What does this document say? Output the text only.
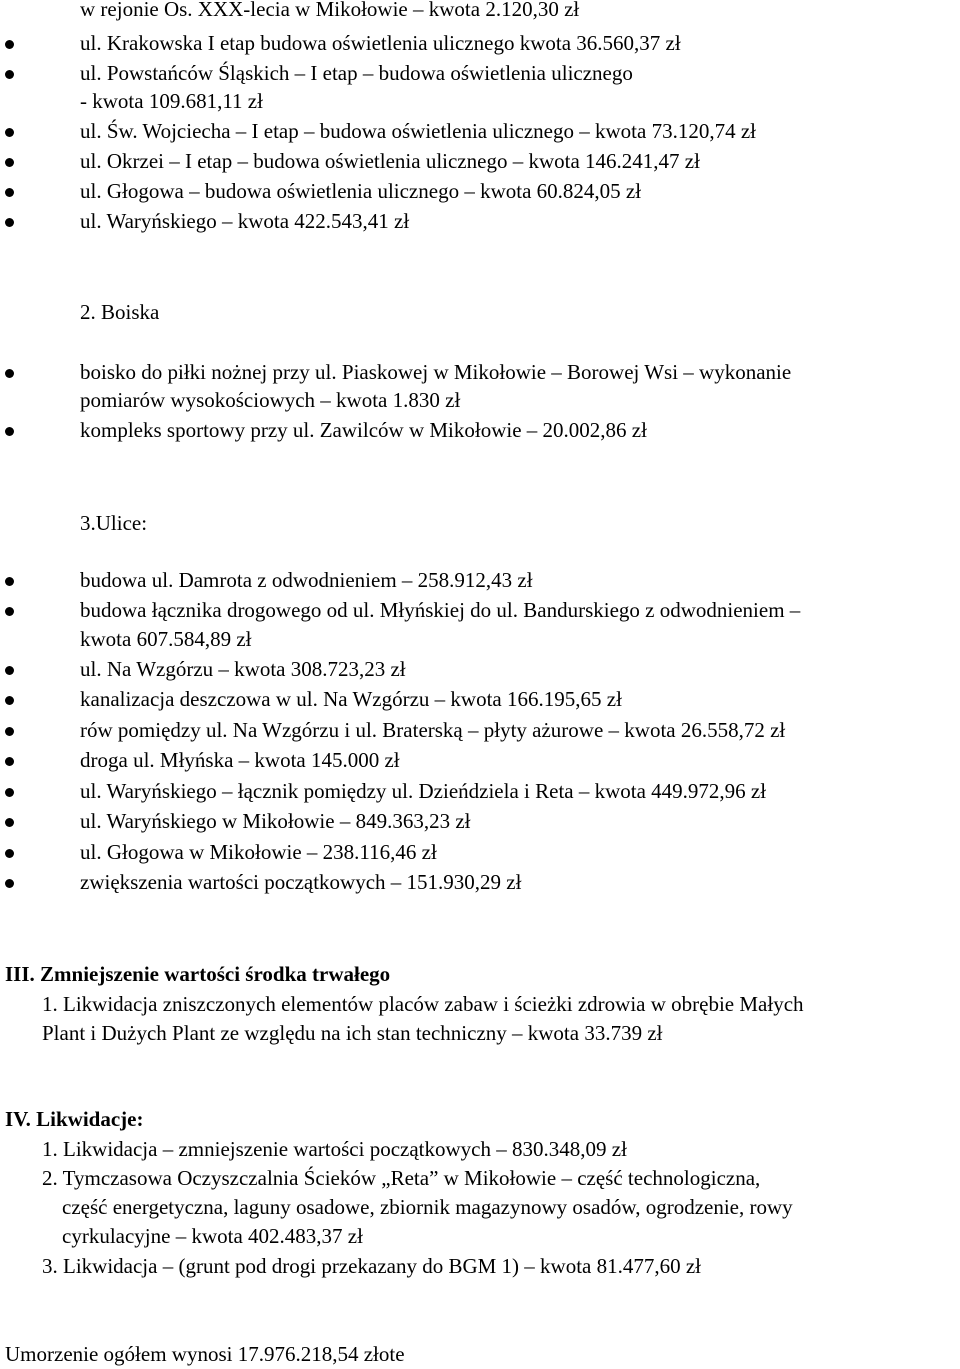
w rejonie Os. XXX-lecia w Mikołowie – kwota 2.120,30 zł
ul. Krakowska I etap budowa oświetlenia ulicznego kwota 36.560,37 zł
ul. Powstańców Śląskich – I etap – budowa oświetlenia ulicznego
- kwota 109.681,11 zł
ul. Św. Wojciecha – I etap – budowa oświetlenia ulicznego – kwota 73.120,74 zł
ul. Okrzei – I etap – budowa oświetlenia ulicznego – kwota 146.241,47 zł
ul. Głogowa – budowa oświetlenia ulicznego – kwota 60.824,05 zł
ul. Waryńskiego – kwota 422.543,41 zł
2. Boiska
boisko do piłki nożnej przy ul. Piaskowej w Mikołowie – Borowej Wsi – wykonanie
pomiarów wysokościowych – kwota 1.830 zł
kompleks sportowy przy ul. Zawilców w Mikołowie – 20.002,86 zł
3.Ulice:
budowa ul. Damrota z odwodnieniem – 258.912,43 zł
budowa łącznika drogowego od ul. Młyńskiej do ul. Bandurskiego z odwodnieniem –
kwota 607.584,89 zł
ul. Na Wzgórzu – kwota 308.723,23 zł
kanalizacja deszczowa w ul. Na Wzgórzu – kwota 166.195,65 zł
rów pomiędzy ul. Na Wzgórzu i ul. Braterską – płyty ażurowe – kwota 26.558,72 zł
droga ul. Młyńska – kwota 145.000 zł
ul. Waryńskiego – łącznik pomiędzy ul. Dzieńdziela i Reta – kwota 449.972,96 zł
ul. Waryńskiego w Mikołowie – 849.363,23 zł
ul. Głogowa w Mikołowie – 238.116,46 zł
zwiększenia wartości początkowych – 151.930,29 zł
III. Zmniejszenie wartości środka trwałego
1. Likwidacja zniszczonych elementów placów zabaw i ścieżki zdrowia w obrębie Małych
Plant i Dużych Plant ze względu na ich stan techniczny – kwota 33.739 zł
IV. Likwidacje:
1. Likwidacja – zmniejszenie wartości początkowych – 830.348,09 zł
2. Tymczasowa Oczyszczalnia Ścieków „Reta” w Mikołowie – część technologiczna,
część energetyczna, laguny osadowe, zbiornik magazynowy osadów, ogrodzenie, rowy
cyrkulacyjne – kwota 402.483,37 zł
3. Likwidacja – (grunt pod drogi przekazany do BGM 1) – kwota 81.477,60 zł
Umorzenie ogółem wynosi 17.976.218,54 złote
